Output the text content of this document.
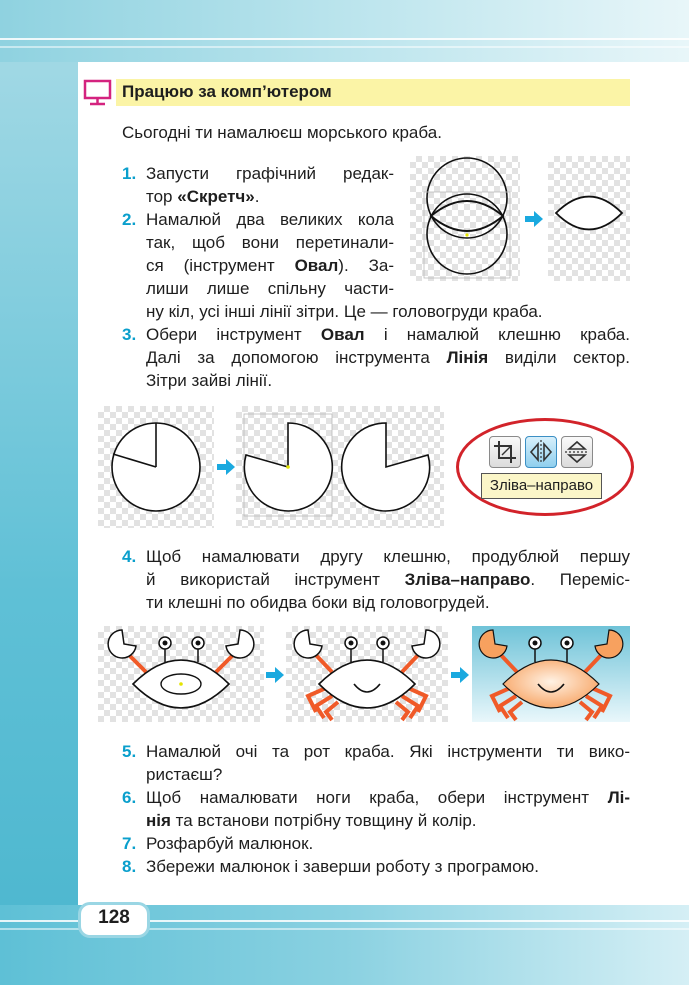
Працюю за комп’ютером
Сьогодні ти намалюєш морського краба.
1. Запусти графічний редак-
тор «Скретч».
2. Намалюй два великих кола
так, щоб вони перетинали-
ся (інструмент Овал). За-
лиши лише спільну части-
ну кіл, усі інші лінії зітри. Це — головогруди краба.
3. Обери інструмент Овал і намалюй клешню краба.
Далі за допомогою інструмента Лінія виділи сектор.
Зітри зайві лінії.
Зліва–направо
4. Щоб намалювати другу клешню, продублюй першу
й використай інструмент Зліва–направо. Переміс-
ти клешні по обидва боки від головогрудей.
5. Намалюй очі та рот краба. Які інструменти ти вико-
ристаєш?
6. Щоб намалювати ноги краба, обери інструмент Лі-
нія та встанови потрібну товщину й колір.
7. Розфарбуй малюнок.
8. Збережи малюнок і заверши роботу з програмою.
128
